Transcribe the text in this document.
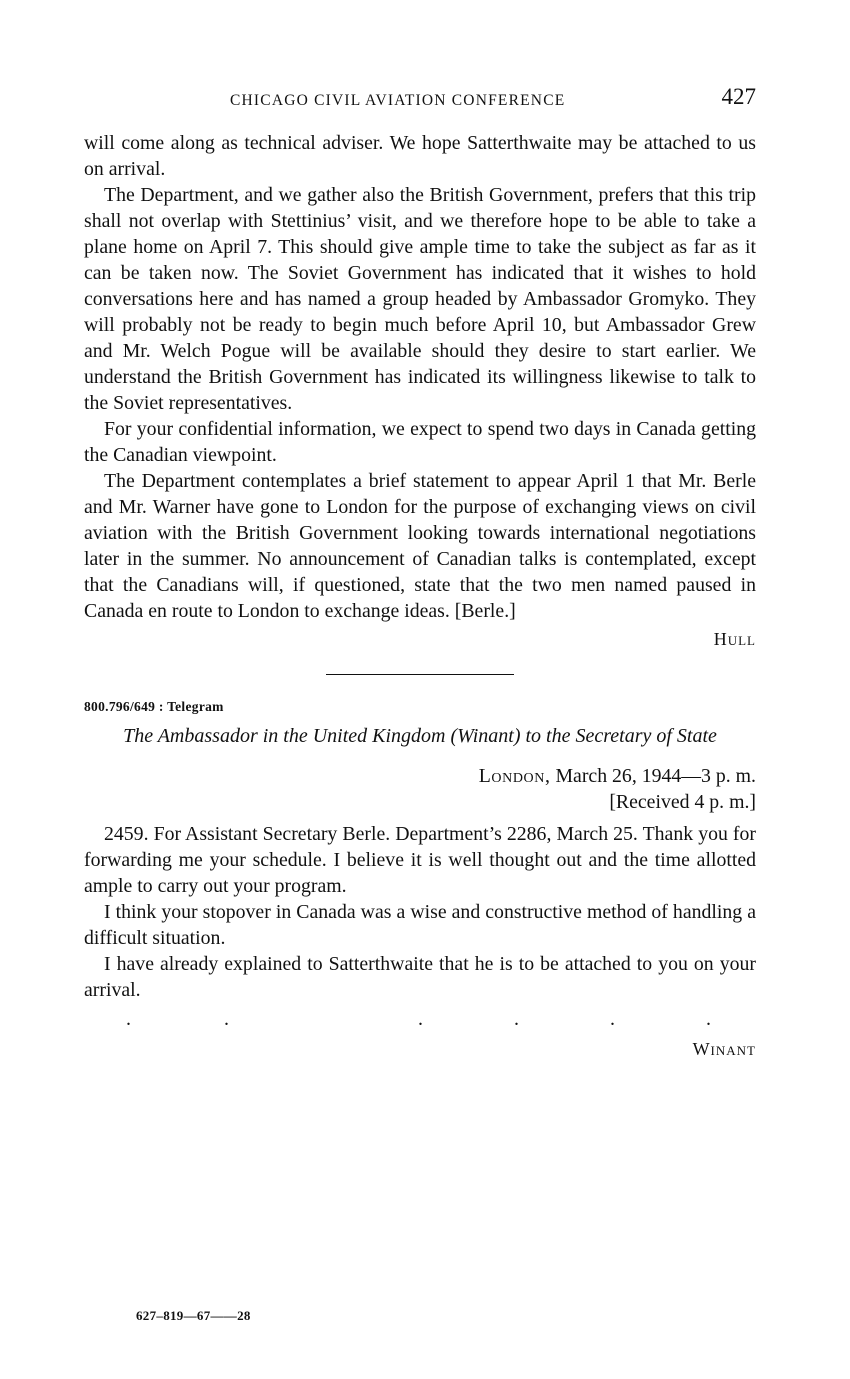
CHICAGO CIVIL AVIATION CONFERENCE	427

will come along as technical adviser. We hope Satterthwaite may be attached to us on arrival.

The Department, and we gather also the British Government, prefers that this trip shall not overlap with Stettinius’ visit, and we therefore hope to be able to take a plane home on April 7. This should give ample time to take the subject as far as it can be taken now. The Soviet Government has indicated that it wishes to hold conversations here and has named a group headed by Ambassador Gromyko. They will probably not be ready to begin much before April 10, but Ambassador Grew and Mr. Welch Pogue will be available should they desire to start earlier. We understand the British Government has indicated its willingness likewise to talk to the Soviet representatives.

For your confidential information, we expect to spend two days in Canada getting the Canadian viewpoint.

The Department contemplates a brief statement to appear April 1 that Mr. Berle and Mr. Warner have gone to London for the purpose of exchanging views on civil aviation with the British Government looking towards international negotiations later in the summer. No announcement of Canadian talks is contemplated, except that the Canadians will, if questioned, state that the two men named paused in Canada en route to London to exchange ideas. [Berle.]

Hull
800.796/649 : Telegram
The Ambassador in the United Kingdom (Winant) to the Secretary of State
London, March 26, 1944—3 p. m.
[Received 4 p. m.]

2459. For Assistant Secretary Berle. Department’s 2286, March 25. Thank you for forwarding me your schedule. I believe it is well thought out and the time allotted ample to carry out your program.

I think your stopover in Canada was a wise and constructive method of handling a difficult situation.

I have already explained to Satterthwaite that he is to be attached to you on your arrival.

.	.	.	.	.	.
Winant
627–819—67——28
